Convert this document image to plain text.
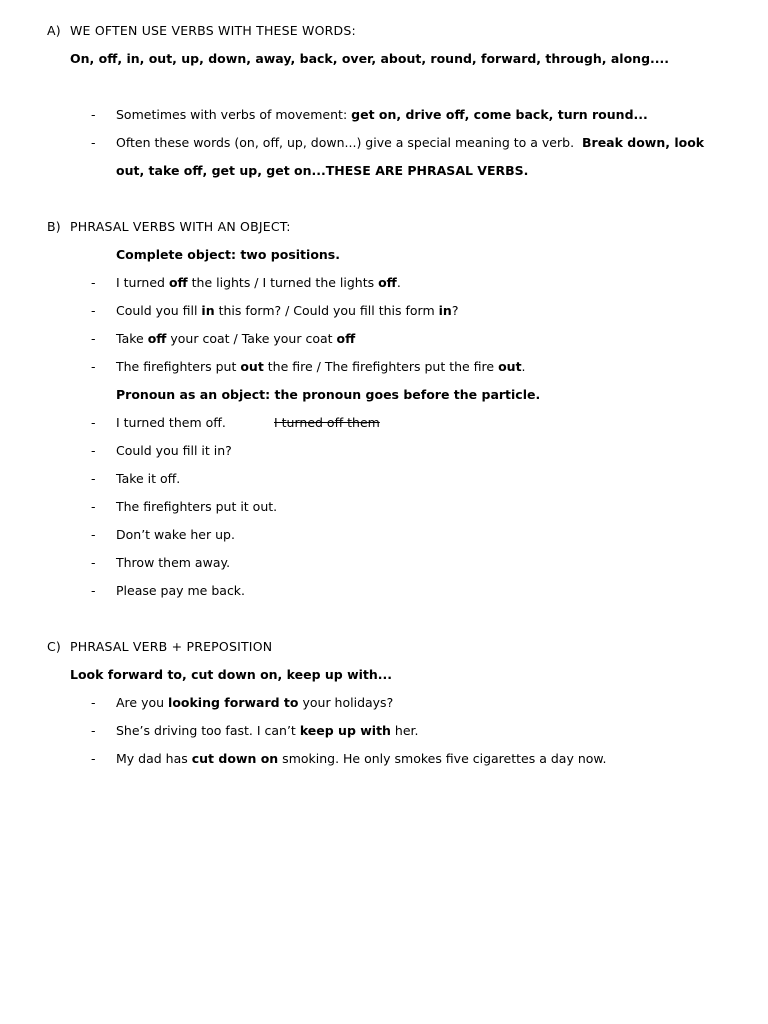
A) WE OFTEN USE VERBS WITH THESE WORDS:
On, off, in, out, up, down, away, back, over, about, round, forward, through, along....
- Sometimes with verbs of movement: get on, drive off, come back, turn round...
- Often these words (on, off, up, down...) give a special meaning to a verb.  Break down, look
out, take off, get up, get on...THESE ARE PHRASAL VERBS.
B) PHRASAL VERBS WITH AN OBJECT:
Complete object: two positions.
- I turned off the lights / I turned the lights off.
- Could you fill in this form? / Could you fill this form in?
- Take off your coat / Take your coat off
- The firefighters put out the fire / The firefighters put the fire out.
Pronoun as an object: the pronoun goes before the particle.
- I turned them off.	I turned off them
- Could you fill it in?
- Take it off.
- The firefighters put it out.
- Don’t wake her up.
- Throw them away.
- Please pay me back.
C) PHRASAL VERB + PREPOSITION
Look forward to, cut down on, keep up with...
- Are you looking forward to your holidays?
- She’s driving too fast. I can’t keep up with her.
- My dad has cut down on smoking. He only smokes five cigarettes a day now.
